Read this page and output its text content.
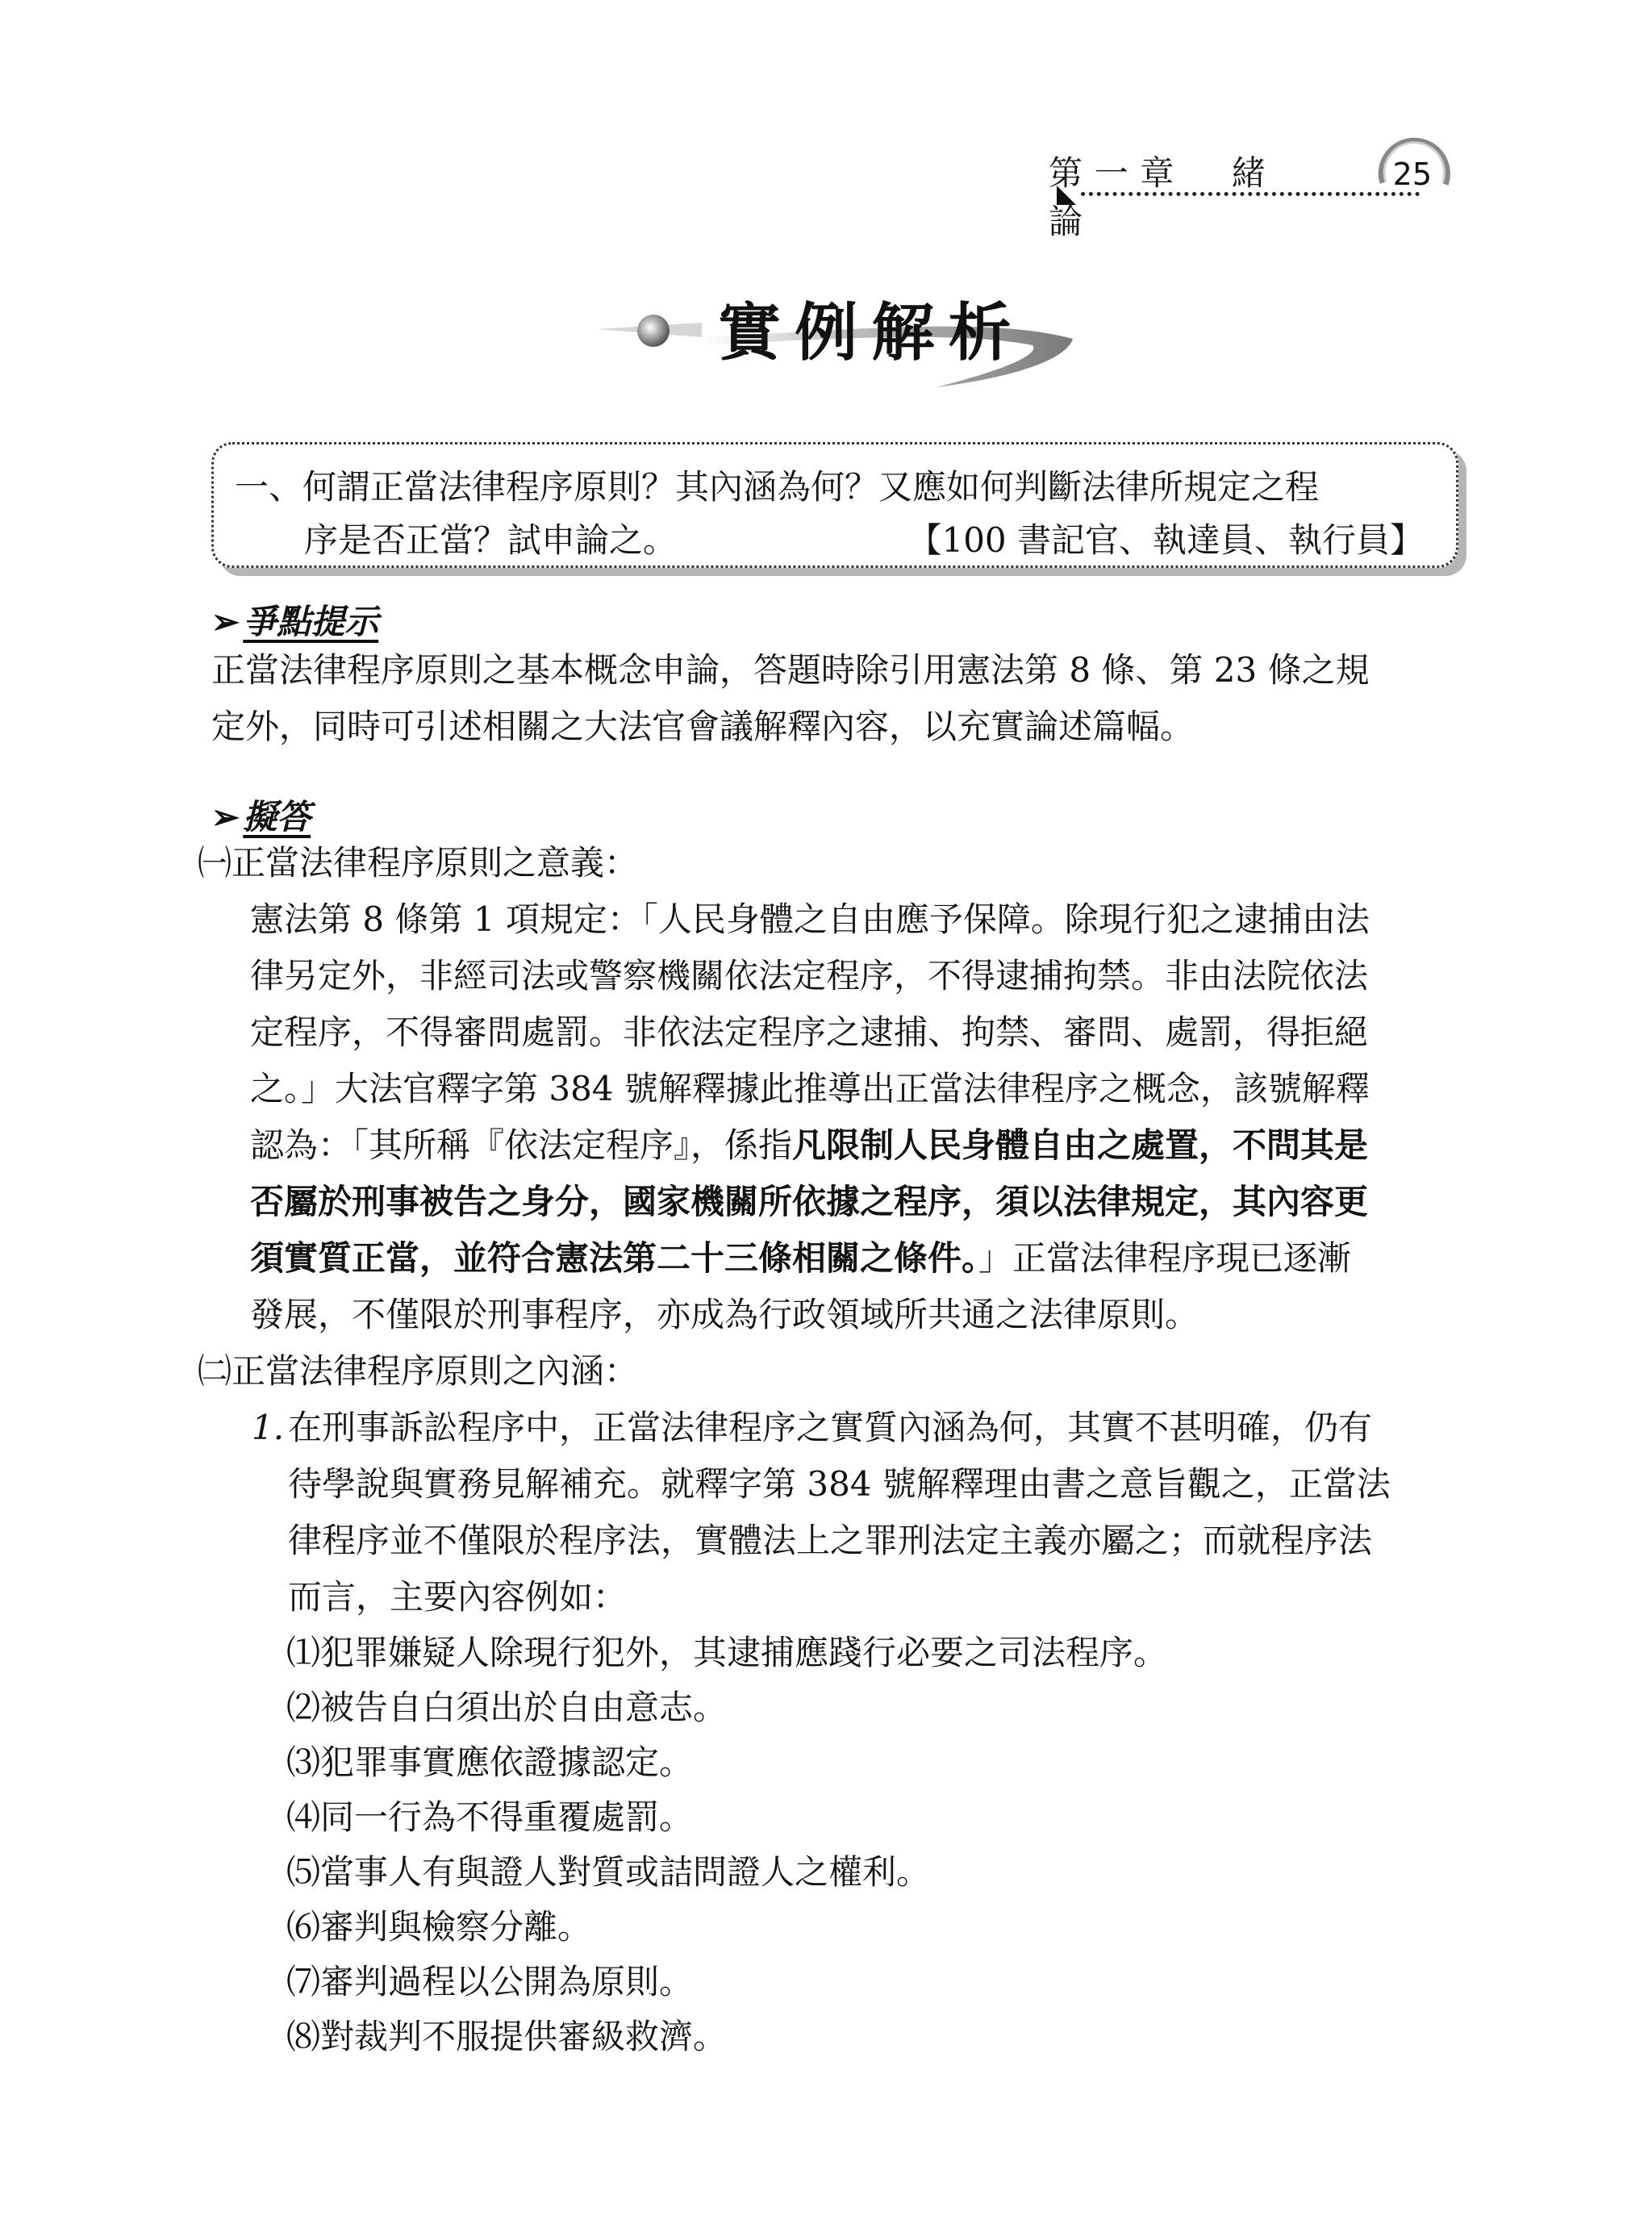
第一章　緒　論
25
實例解析
一、何謂正當法律程序原則？其內涵為何？又應如何判斷法律所規定之程
序是否正當？試申論之。	【100 書記官、執達員、執行員】
➢爭點提示
正當法律程序原則之基本概念申論，答題時除引用憲法第 8 條、第 23 條之規
定外，同時可引述相關之大法官會議解釋內容，以充實論述篇幅。
➢擬答
㈠正當法律程序原則之意義：
憲法第 8 條第 1 項規定：「人民身體之自由應予保障。除現行犯之逮捕由法
律另定外，非經司法或警察機關依法定程序，不得逮捕拘禁。非由法院依法
定程序，不得審問處罰。非依法定程序之逮捕、拘禁、審問、處罰，得拒絕
之。」大法官釋字第 384 號解釋據此推導出正當法律程序之概念，該號解釋
認為：「其所稱『依法定程序』，係指凡限制人民身體自由之處置，不問其是
否屬於刑事被告之身分，國家機關所依據之程序，須以法律規定，其內容更
須實質正當，並符合憲法第二十三條相關之條件。」正當法律程序現已逐漸
發展，不僅限於刑事程序，亦成為行政領域所共通之法律原則。
㈡正當法律程序原則之內涵：
1. 在刑事訴訟程序中，正當法律程序之實質內涵為何，其實不甚明確，仍有
待學說與實務見解補充。就釋字第 384 號解釋理由書之意旨觀之，正當法
律程序並不僅限於程序法，實體法上之罪刑法定主義亦屬之；而就程序法
而言，主要內容例如：
⑴犯罪嫌疑人除現行犯外，其逮捕應踐行必要之司法程序。
⑵被告自白須出於自由意志。
⑶犯罪事實應依證據認定。
⑷同一行為不得重覆處罰。
⑸當事人有與證人對質或詰問證人之權利。
⑹審判與檢察分離。
⑺審判過程以公開為原則。
⑻對裁判不服提供審級救濟。
